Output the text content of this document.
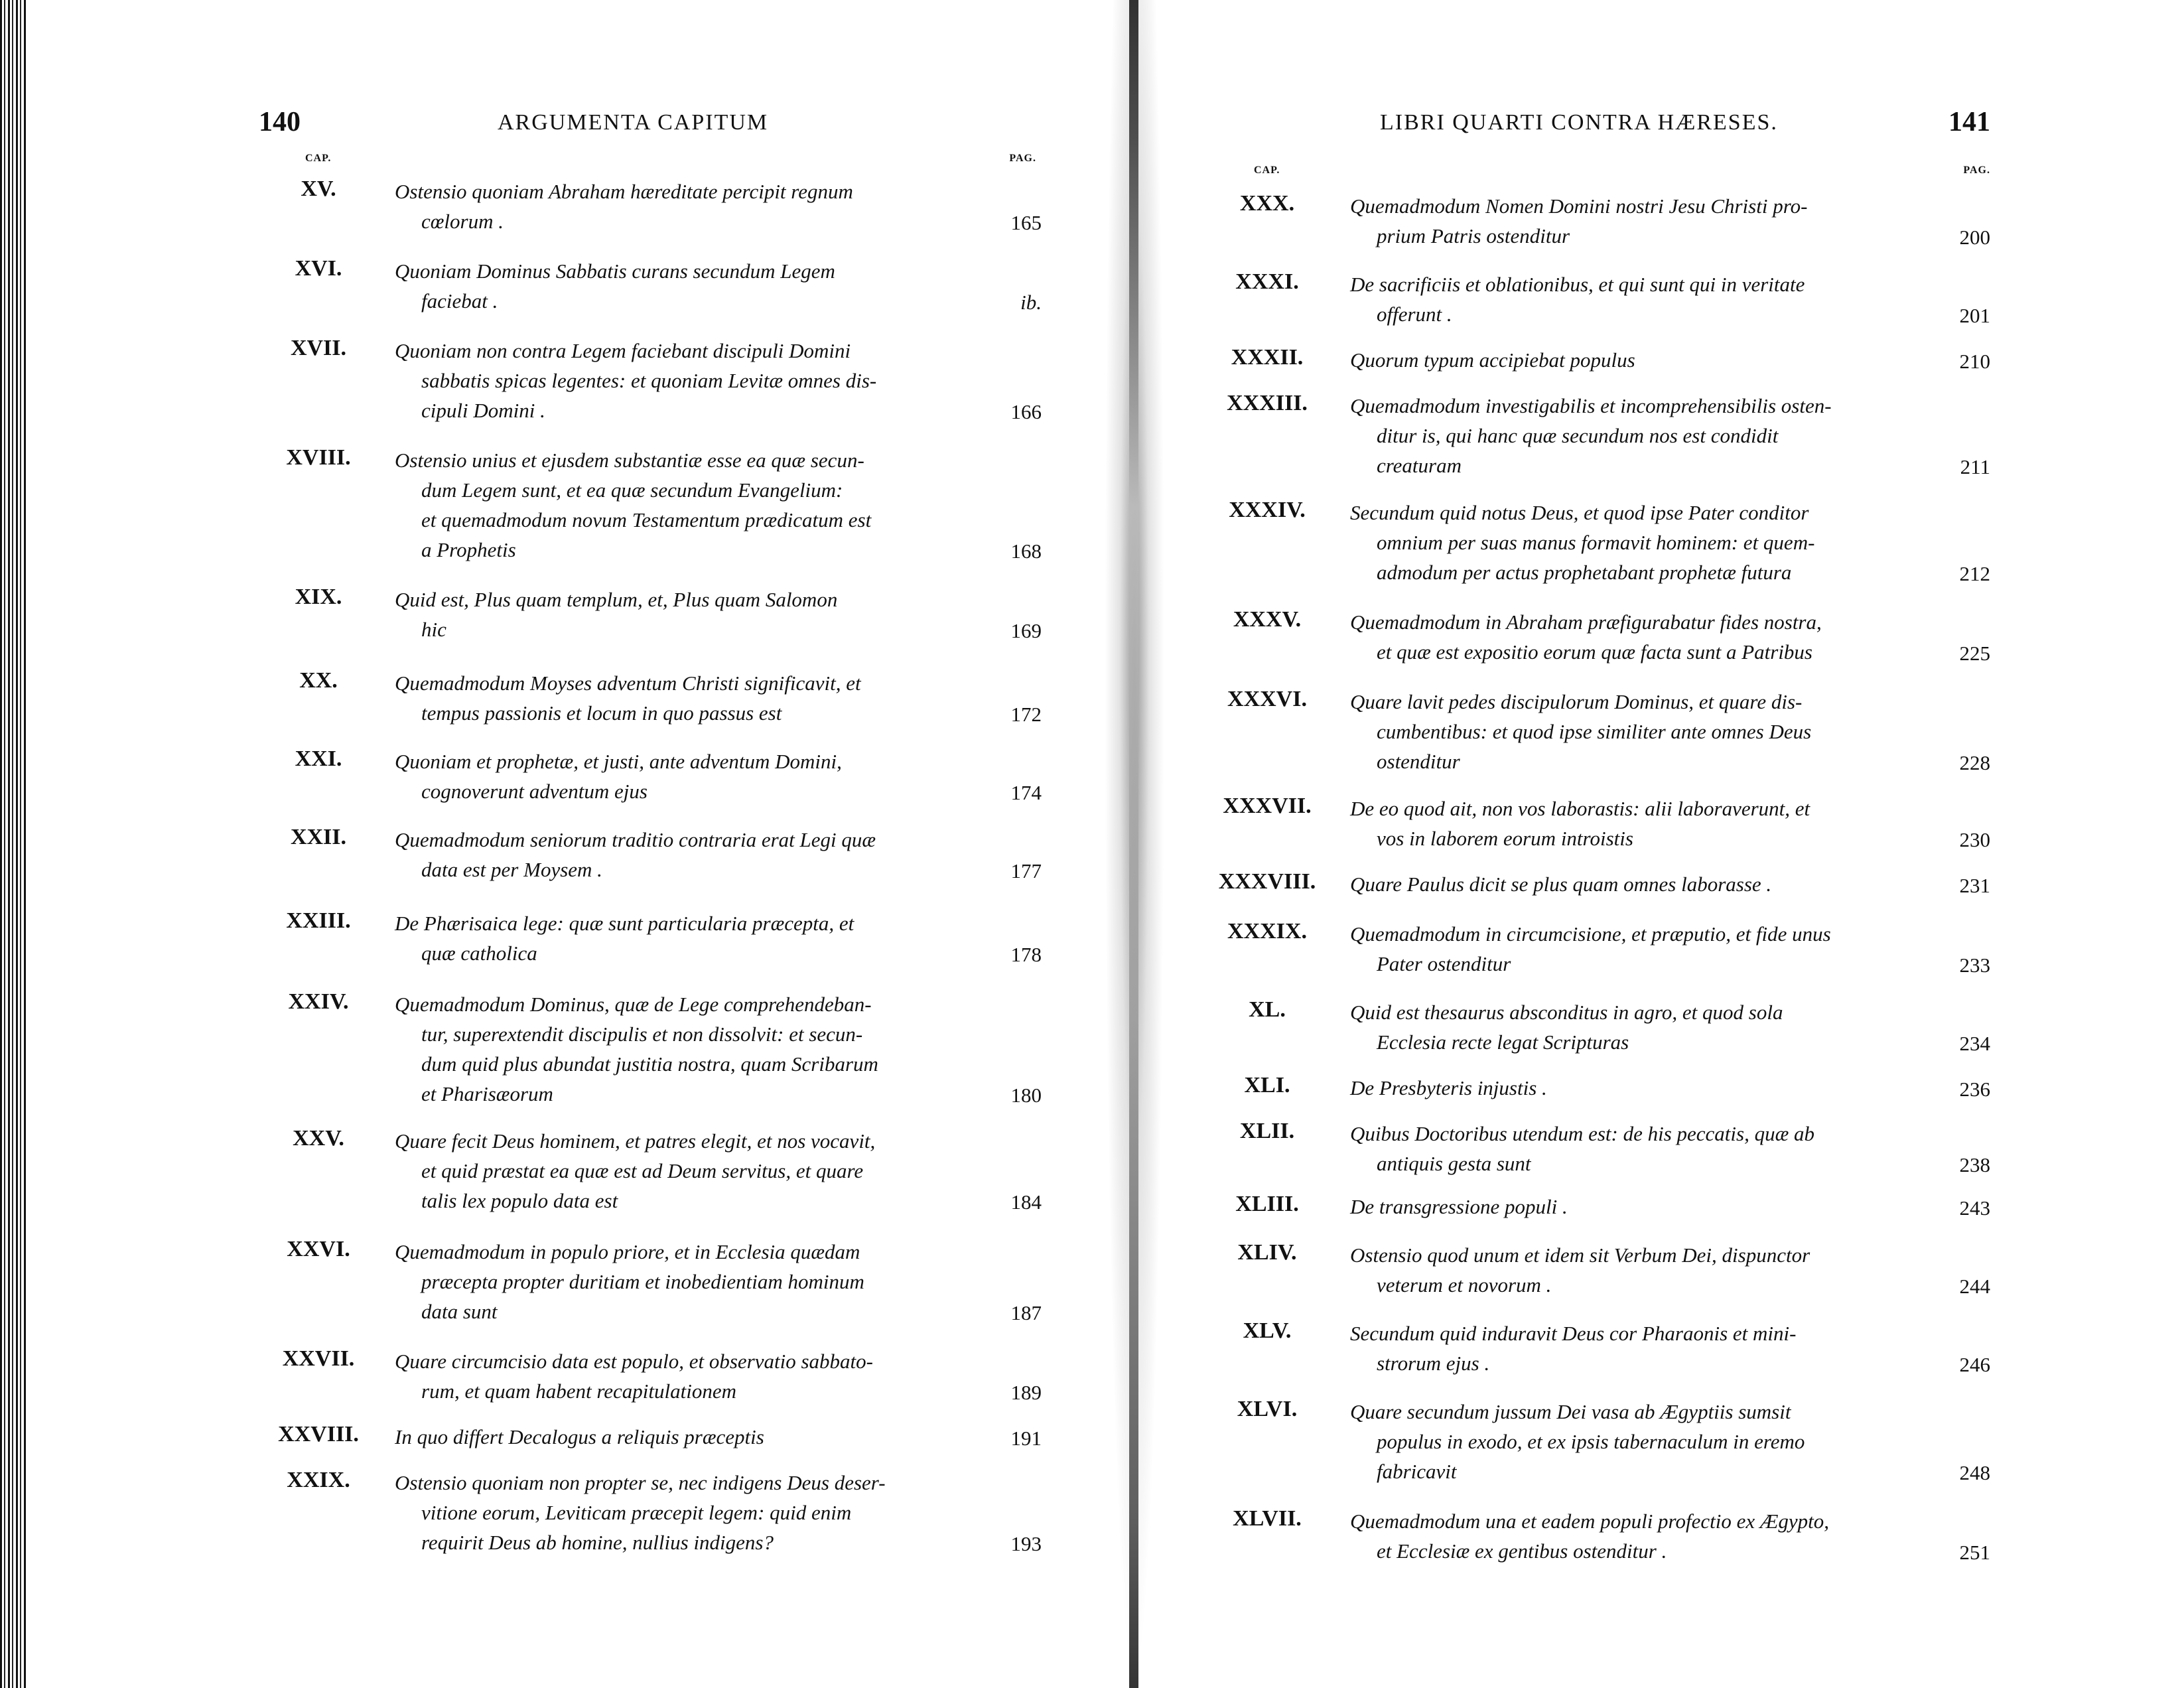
140	ARGUMENTA CAPITUM
CAP.	PAG.
XV.	Ostensio quoniam Abraham hæreditate percipit regnum
cœlorum .	165
XVI.	Quoniam Dominus Sabbatis curans secundum Legem
faciebat .	ib.
XVII.	Quoniam non contra Legem faciebant discipuli Domini
sabbatis spicas legentes: et quoniam Levitæ omnes dis-
cipuli Domini .	166
XVIII.	Ostensio unius et ejusdem substantiæ esse ea quæ secun-
dum Legem sunt, et ea quæ secundum Evangelium:
et quemadmodum novum Testamentum prædicatum est
a Prophetis	168
XIX.	Quid est, Plus quam templum, et, Plus quam Salomon
hic	169
XX.	Quemadmodum Moyses adventum Christi significavit, et
tempus passionis et locum in quo passus est	172
XXI.	Quoniam et prophetæ, et justi, ante adventum Domini,
cognoverunt adventum ejus	174
XXII.	Quemadmodum seniorum traditio contraria erat Legi quæ
data est per Moysem .	177
XXIII.	De Phærisaica lege: quæ sunt particularia præcepta, et
quæ catholica	178
XXIV.	Quemadmodum Dominus, quæ de Lege comprehendeban-
tur, superextendit discipulis et non dissolvit: et secun-
dum quid plus abundat justitia nostra, quam Scribarum
et Pharisæorum	180
XXV.	Quare fecit Deus hominem, et patres elegit, et nos vocavit,
et quid præstat ea quæ est ad Deum servitus, et quare
talis lex populo data est	184
XXVI.	Quemadmodum in populo priore, et in Ecclesia quædam
præcepta propter duritiam et inobedientiam hominum
data sunt	187
XXVII.	Quare circumcisio data est populo, et observatio sabbato-
rum, et quam habent recapitulationem	189
XXVIII.	In quo differt Decalogus a reliquis præceptis	191
XXIX.	Ostensio quoniam non propter se, nec indigens Deus deser-
vitione eorum, Leviticam præcepit legem: quid enim
requirit Deus ab homine, nullius indigens?	193
LIBRI QUARTI CONTRA HÆRESES.	141
CAP.	PAG.
XXX.	Quemadmodum Nomen Domini nostri Jesu Christi pro-
prium Patris ostenditur	200
XXXI.	De sacrificiis et oblationibus, et qui sunt qui in veritate
offerunt .	201
XXXII.	Quorum typum accipiebat populus	210
XXXIII.	Quemadmodum investigabilis et incomprehensibilis osten-
ditur is, qui hanc quæ secundum nos est condidit
creaturam	211
XXXIV.	Secundum quid notus Deus, et quod ipse Pater conditor
omnium per suas manus formavit hominem: et quem-
admodum per actus prophetabant prophetæ futura	212
XXXV.	Quemadmodum in Abraham præfigurabatur fides nostra,
et quæ est expositio eorum quæ facta sunt a Patribus	225
XXXVI.	Quare lavit pedes discipulorum Dominus, et quare dis-
cumbentibus: et quod ipse similiter ante omnes Deus
ostenditur	228
XXXVII.	De eo quod ait, non vos laborastis: alii laboraverunt, et
vos in laborem eorum introistis	230
XXXVIII.	Quare Paulus dicit se plus quam omnes laborasse .	231
XXXIX.	Quemadmodum in circumcisione, et præputio, et fide unus
Pater ostenditur	233
XL.	Quid est thesaurus absconditus in agro, et quod sola
Ecclesia recte legat Scripturas	234
XLI.	De Presbyteris injustis .	236
XLII.	Quibus Doctoribus utendum est: de his peccatis, quæ ab
antiquis gesta sunt	238
XLIII.	De transgressione populi .	243
XLIV.	Ostensio quod unum et idem sit Verbum Dei, dispunctor
veterum et novorum .	244
XLV.	Secundum quid induravit Deus cor Pharaonis et mini-
strorum ejus .	246
XLVI.	Quare secundum jussum Dei vasa ab Ægyptiis sumsit
populus in exodo, et ex ipsis tabernaculum in eremo
fabricavit	248
XLVII.	Quemadmodum una et eadem populi profectio ex Ægypto,
et Ecclesiæ ex gentibus ostenditur .	251
